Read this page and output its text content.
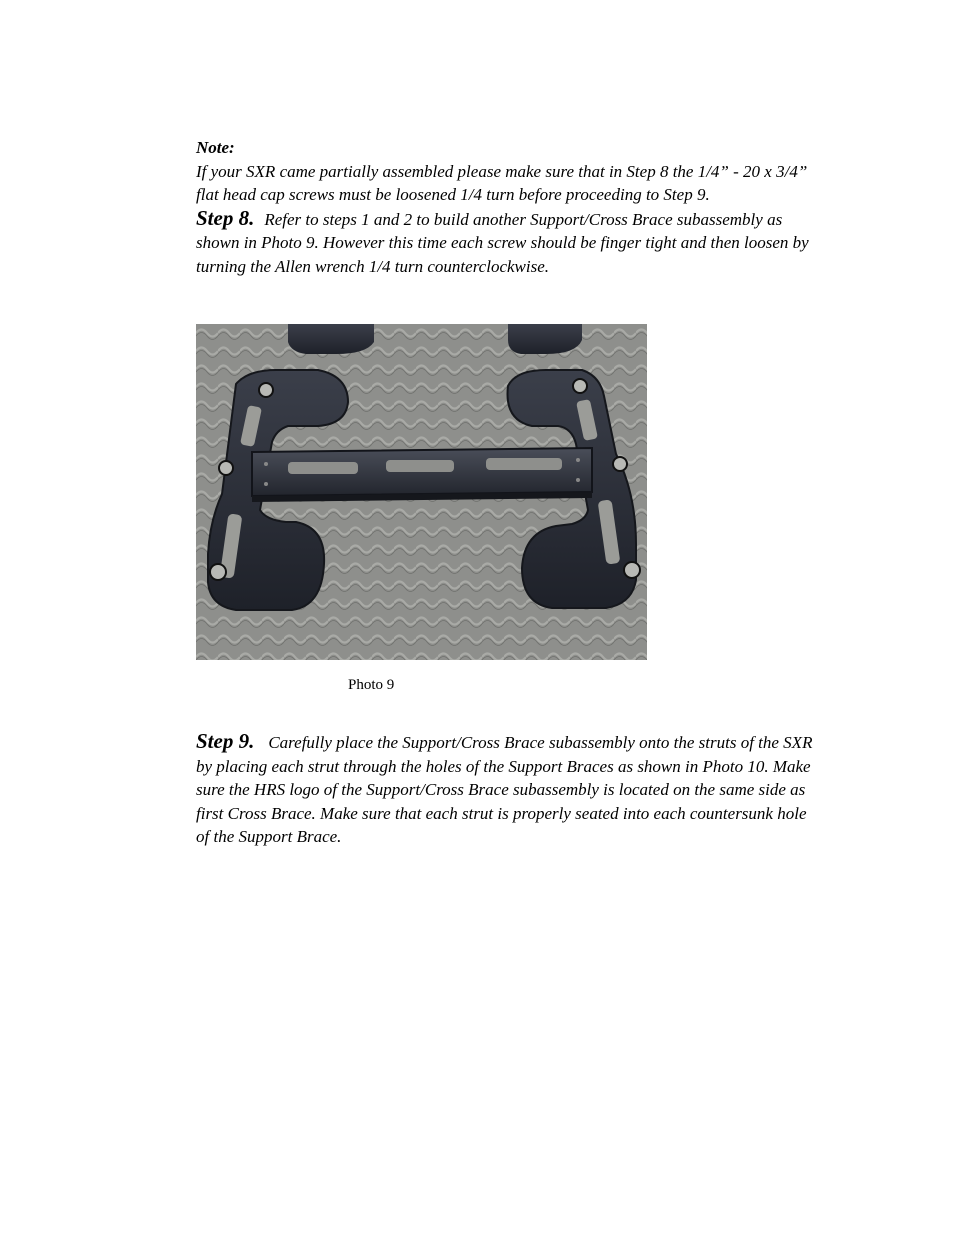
Note:
If your SXR came partially assembled please make sure that in Step 8 the 1/4” - 20 x 3/4” flat head cap screws must be loosened 1/4 turn before proceeding to Step 9.
Step 8. Refer to steps 1 and 2 to build another Support/Cross Brace subassembly as shown in Photo 9. However this time each screw should be finger tight and then loosen by turning the Allen wrench 1/4 turn counterclockwise.
Photo 9
Step 9. Carefully place the Support/Cross Brace subassembly onto the struts of the SXR by placing each strut through the holes of the Support Braces as shown in Photo 10. Make sure the HRS logo of the Support/Cross Brace subassembly is located on the same side as first Cross Brace. Make sure that each strut is properly seated into each countersunk hole of the Support Brace.
